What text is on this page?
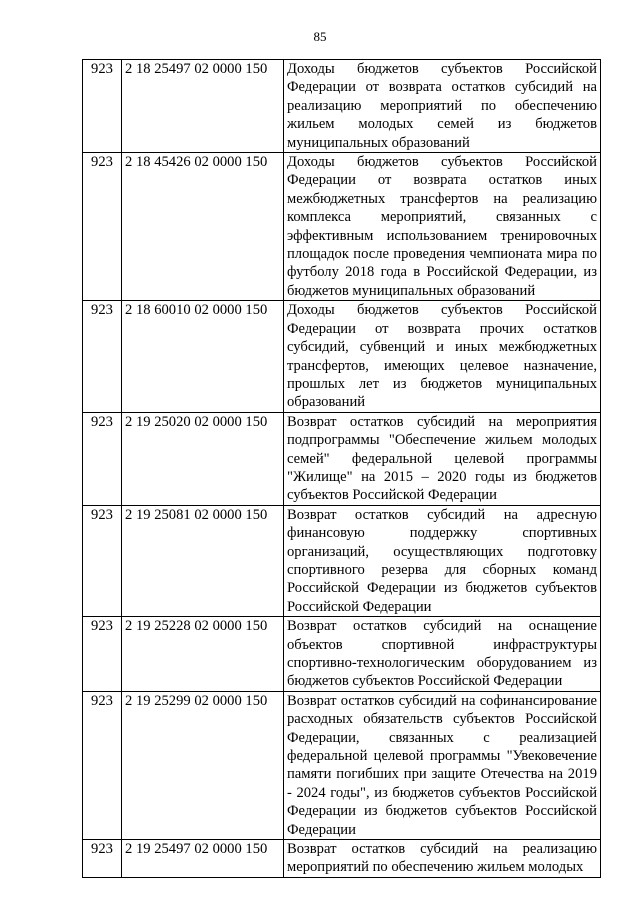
85
923	2 18 25497 02 0000 150	Доходы бюджетов субъектов Российской Федерации от возврата остатков субсидий на реализацию мероприятий по обеспечению жильем молодых семей из бюджетов муниципальных образований
923	2 18 45426 02 0000 150	Доходы бюджетов субъектов Российской Федерации от возврата остатков иных межбюджетных трансфертов на реализацию комплекса мероприятий, связанных с эффективным использованием тренировочных площадок после проведения чемпионата мира по футболу 2018 года в Российской Федерации, из бюджетов муниципальных образований
923	2 18 60010 02 0000 150	Доходы бюджетов субъектов Российской Федерации от возврата прочих остатков субсидий, субвенций и иных межбюджетных трансфертов, имеющих целевое назначение, прошлых лет из бюджетов муниципальных образований
923	2 19 25020 02 0000 150	Возврат остатков субсидий на мероприятия подпрограммы "Обеспечение жильем молодых семей" федеральной целевой программы "Жилище" на 2015 – 2020 годы из бюджетов субъектов Российской Федерации
923	2 19 25081 02 0000 150	Возврат остатков субсидий на адресную финансовую поддержку спортивных организаций, осуществляющих подготовку спортивного резерва для сборных команд Российской Федерации из бюджетов субъектов Российской Федерации
923	2 19 25228 02 0000 150	Возврат остатков субсидий на оснащение объектов спортивной инфраструктуры спортивно-технологическим оборудованием из бюджетов субъектов Российской Федерации
923	2 19 25299 02 0000 150	Возврат остатков субсидий на софинансирование расходных обязательств субъектов Российской Федерации, связанных с реализацией федеральной целевой программы "Увековечение памяти погибших при защите Отечества на 2019 - 2024 годы", из бюджетов субъектов Российской Федерации из бюджетов субъектов Российской Федерации
923	2 19 25497 02 0000 150	Возврат остатков субсидий на реализацию мероприятий по обеспечению жильем молодых
